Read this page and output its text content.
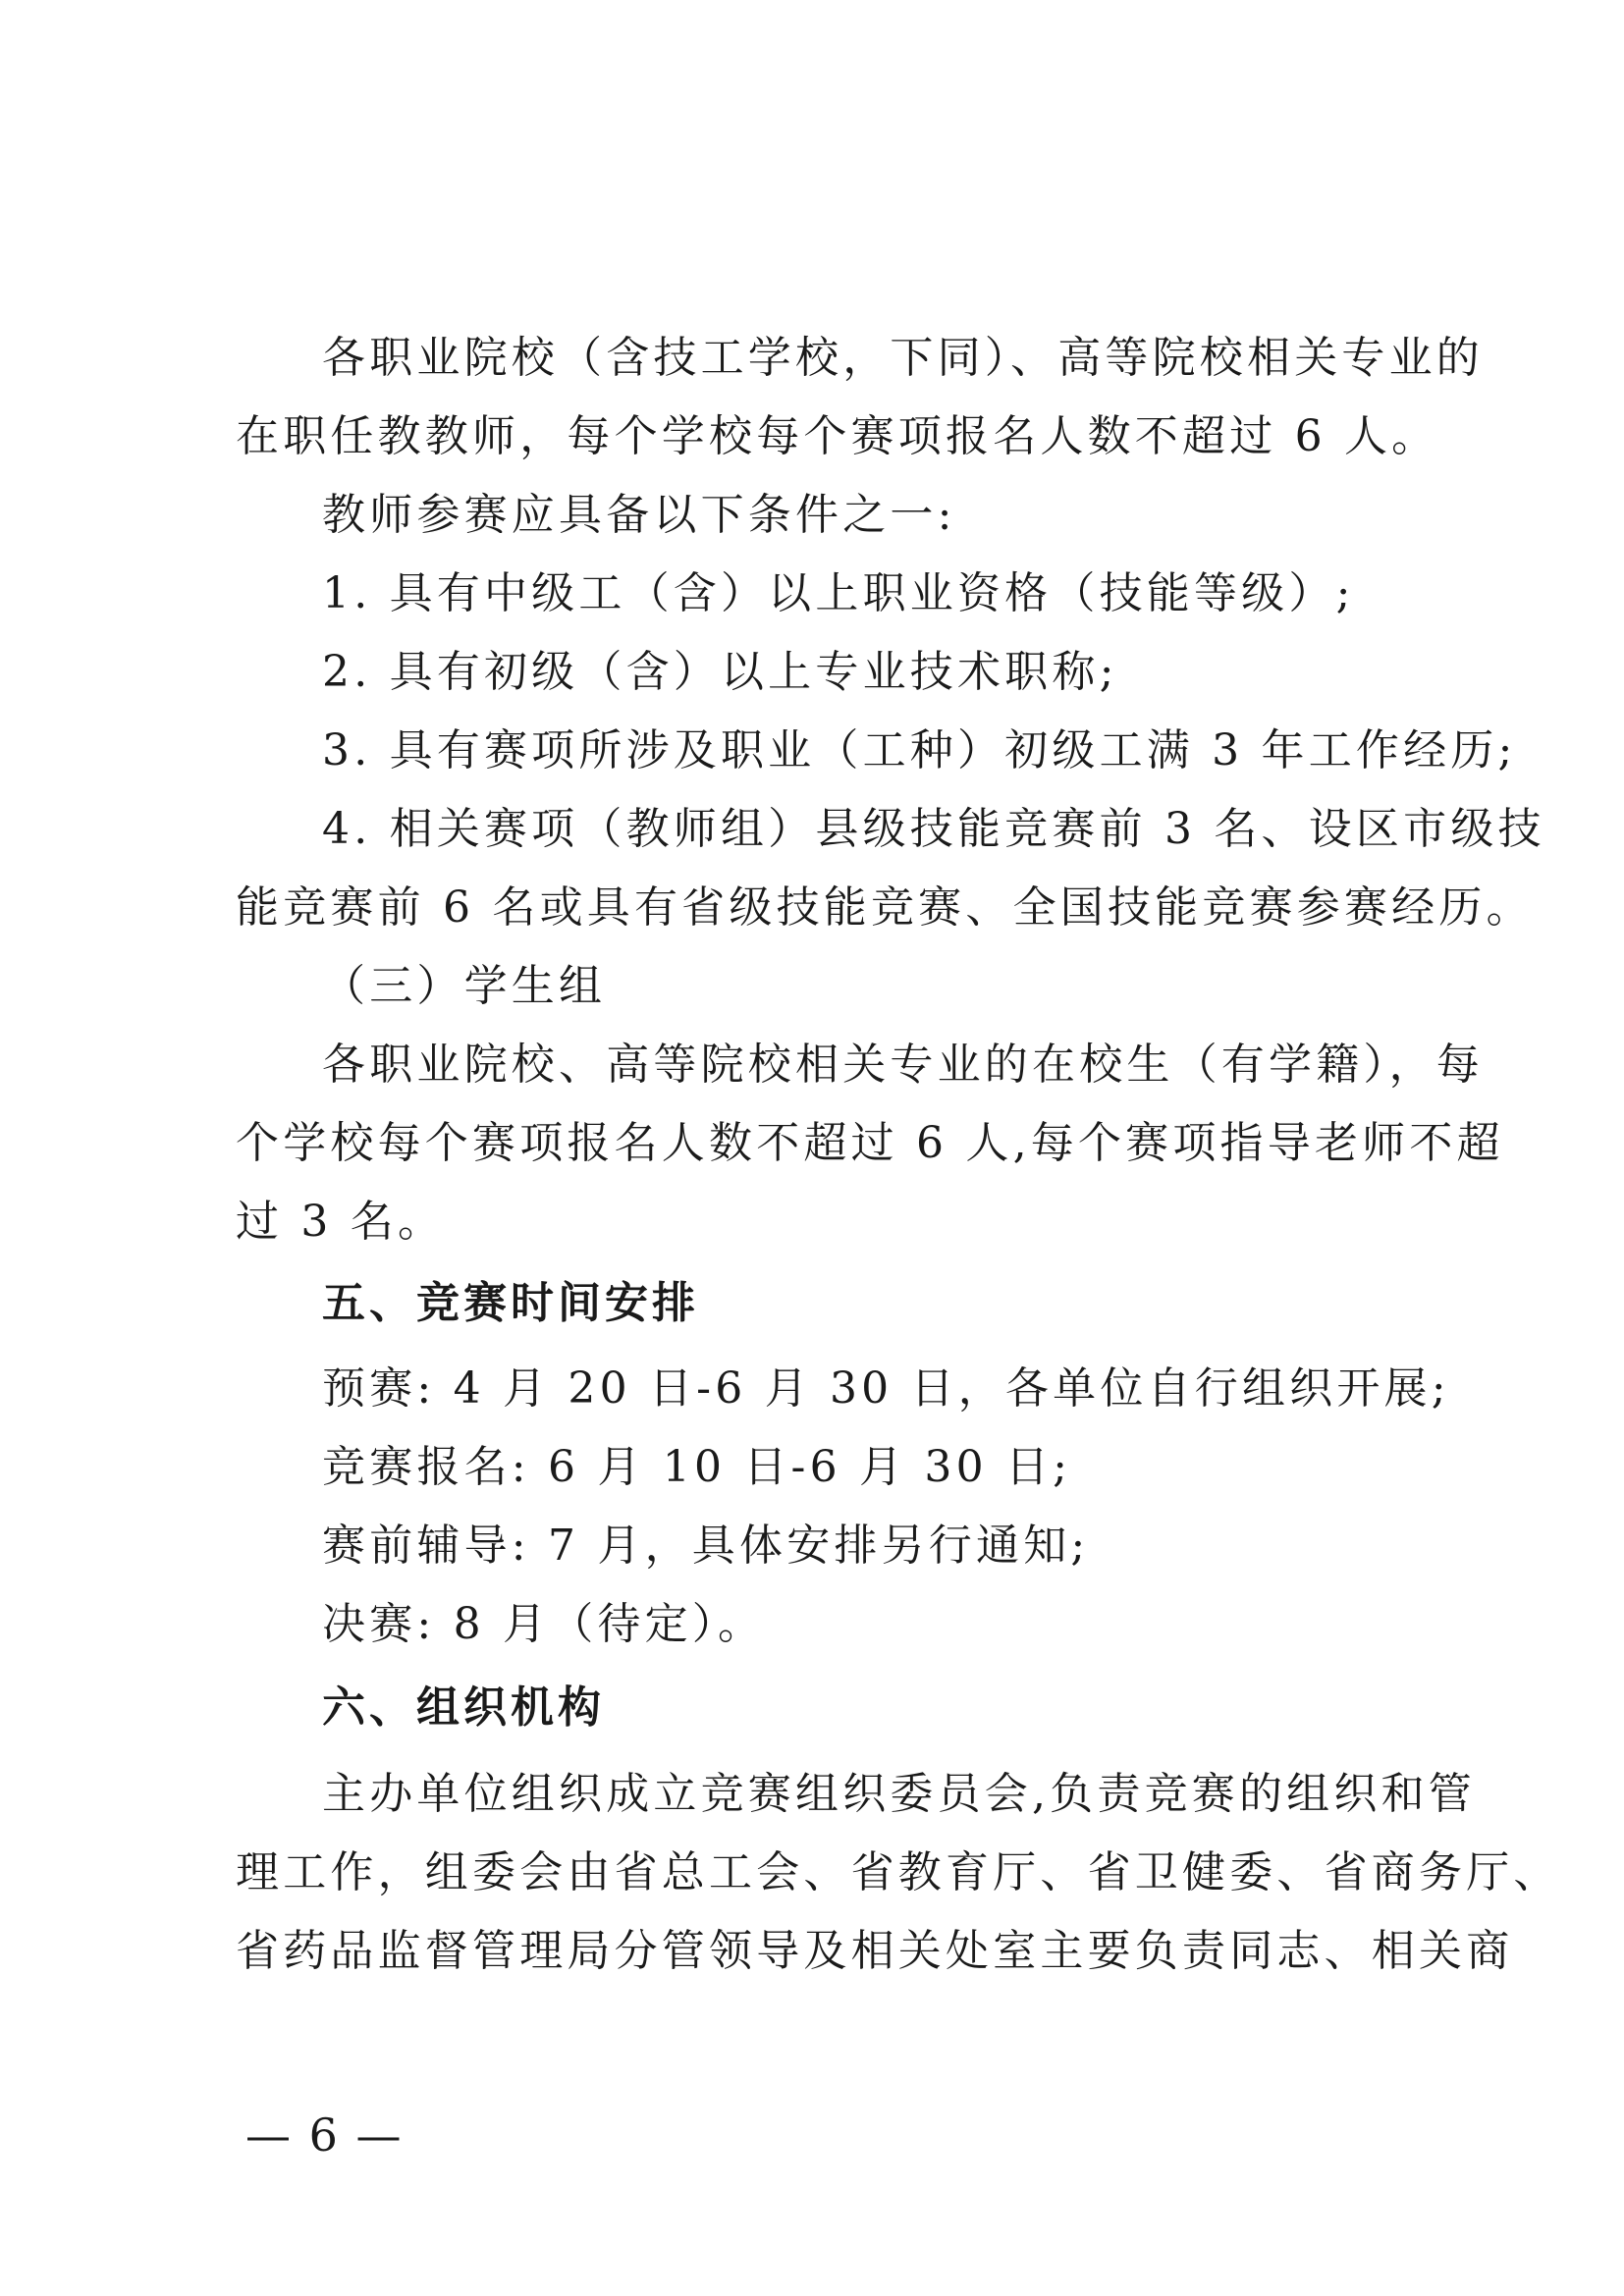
各职业院校（含技工学校，下同）、高等院校相关专业的
在职任教教师，每个学校每个赛项报名人数不超过 6 人。
教师参赛应具备以下条件之一:
1. 具有中级工（含）以上职业资格（技能等级）;
2. 具有初级（含）以上专业技术职称;
3. 具有赛项所涉及职业（工种）初级工满 3 年工作经历;
4. 相关赛项（教师组）县级技能竞赛前 3 名、设区市级技
能竞赛前 6 名或具有省级技能竞赛、全国技能竞赛参赛经历。
（三）学生组
各职业院校、高等院校相关专业的在校生（有学籍），每
个学校每个赛项报名人数不超过 6 人,每个赛项指导老师不超
过 3 名。
五、竞赛时间安排
预赛: 4 月 20 日-6 月 30 日，各单位自行组织开展;
竞赛报名: 6 月 10 日-6 月 30 日;
赛前辅导: 7 月，具体安排另行通知;
决赛: 8 月（待定）。
六、组织机构
主办单位组织成立竞赛组织委员会,负责竞赛的组织和管
理工作，组委会由省总工会、省教育厅、省卫健委、省商务厅、
省药品监督管理局分管领导及相关处室主要负责同志、相关商
— 6 —
